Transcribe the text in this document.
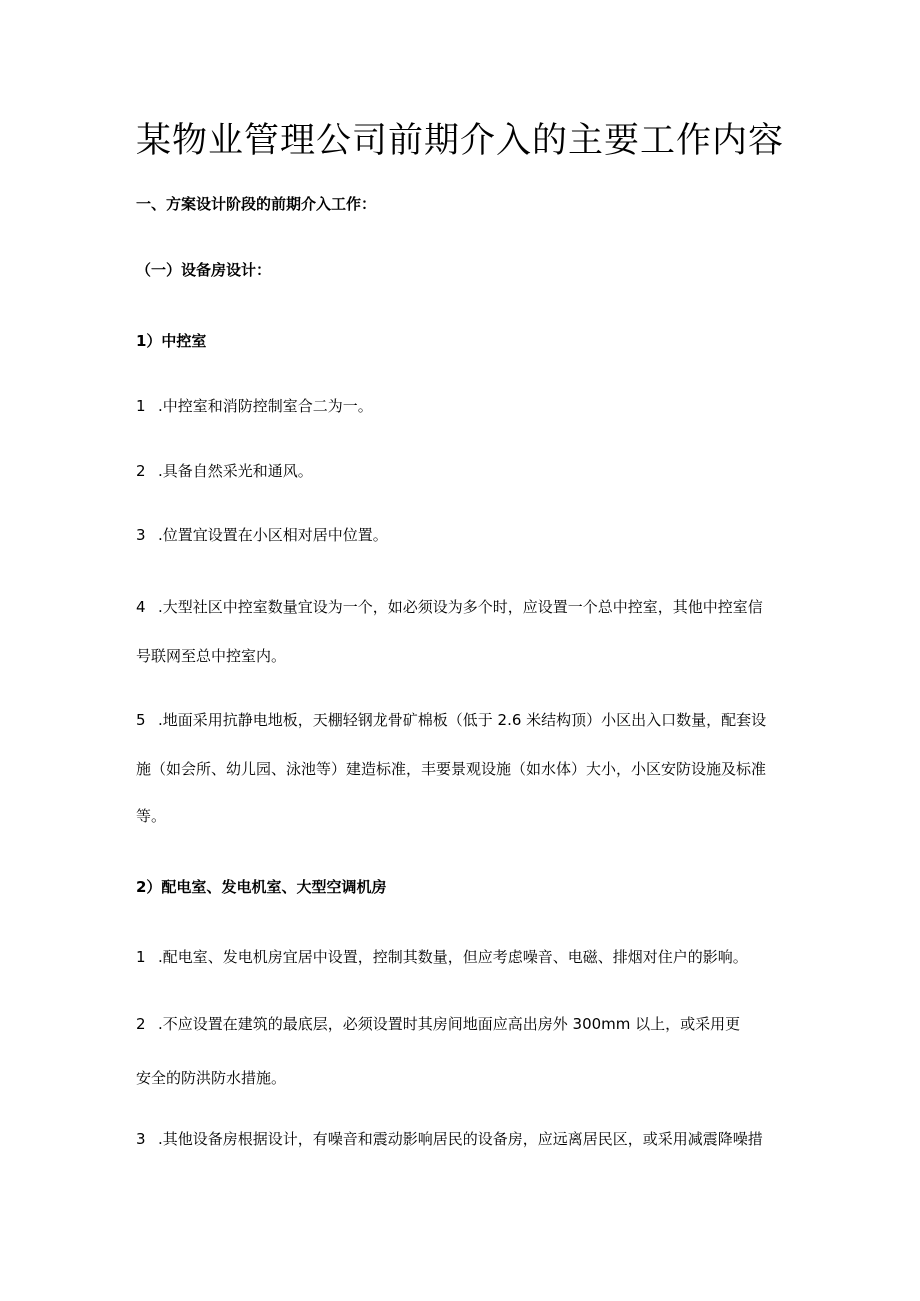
某物业管理公司前期介入的主要工作内容
一、方案设计阶段的前期介入工作：
（一）设备房设计：
1）中控室
1 .中控室和消防控制室合二为一。
2 .具备自然采光和通风。
3 .位置宜设置在小区相对居中位置。
4 .大型社区中控室数量宜设为一个，如必须设为多个时，应设置一个总中控室，其他中控室信
号联网至总中控室内。
5 .地面采用抗静电地板，天棚轻钢龙骨矿棉板（低于 2.6 米结构顶）小区出入口数量，配套设
施（如会所、幼儿园、泳池等）建造标准，丰要景观设施（如水体）大小，小区安防设施及标准
等。
2）配电室、发电机室、大型空调机房
1 .配电室、发电机房宜居中设置，控制其数量，但应考虑噪音、电磁、排烟对住户的影响。
2 .不应设置在建筑的最底层，必须设置时其房间地面应高出房外 300mm 以上，或采用更
安全的防洪防水措施。
3 .其他设备房根据设计，有噪音和震动影响居民的设备房，应远离居民区，或采用减震降噪措
